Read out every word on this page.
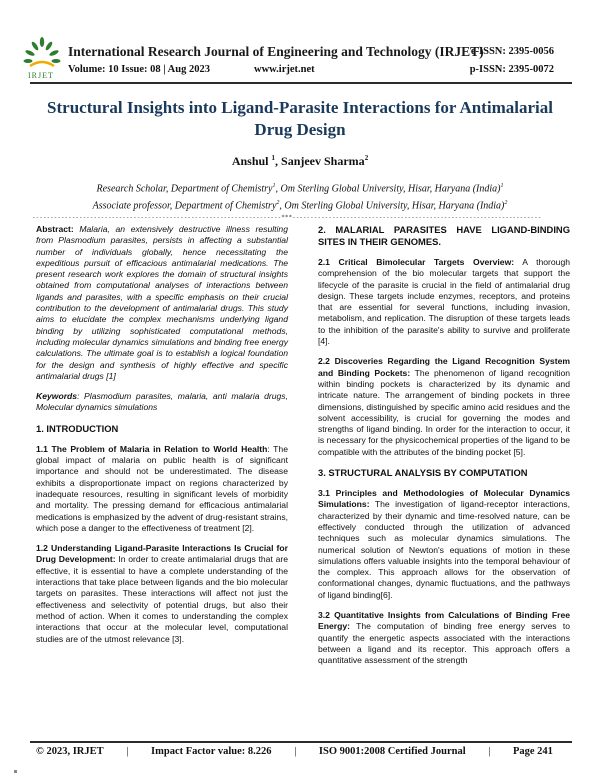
IRJET
International Research Journal of Engineering and Technology (IRJET)
Volume: 10 Issue: 08 | Aug 2023	www.irjet.net
e-ISSN: 2395-0056
p-ISSN: 2395-0072
Structural Insights into Ligand-Parasite Interactions for Antimalarial Drug Design
Anshul $^1$, Sanjeev Sharma$^2$
Research Scholar, Department of Chemistry$^1$, Om Sterling Global University, Hisar, Haryana (India)$^1$
Associate professor, Department of Chemistry$^2$, Om Sterling Global University, Hisar, Haryana (India)$^2$
---------------------------------------------------------------------***---------------------------------------------------------------------

Abstract: Malaria, an extensively destructive illness resulting from Plasmodium parasites, persists in affecting a substantial number of individuals globally, hence necessitating the expeditious pursuit of efficacious antimalarial medications. The present research work explores the domain of structural insights obtained from computational analyses of interactions between ligands and parasites, with a specific emphasis on their crucial contribution to the development of antimalarial drugs. This study aims to elucidate the complex mechanisms underlying ligand binding by utilizing sophisticated computational methods, including molecular dynamics simulations and binding free energy calculations. The ultimate goal is to establish a logical foundation for the design and synthesis of highly effective and specific antimalarial drugs [1]

Keywords: Plasmodium parasites, malaria, anti malaria drugs, Molecular dynamics simulations

1. INTRODUCTION

1.1 The Problem of Malaria in Relation to World Health: The global impact of malaria on public health is of significant importance and should not be underestimated. The disease exhibits a disproportionate impact on regions characterized by inadequate resources, resulting in significant levels of morbidity and mortality. The pressing demand for efficacious antimalarial medications is emphasized by the advent of drug-resistant strains, which pose a danger to the effectiveness of treatment [2].

1.2 Understanding Ligand-Parasite Interactions Is Crucial for Drug Development: In order to create antimalarial drugs that are effective, it is essential to have a complete understanding of the interactions that take place between ligands and the bio molecular targets on parasites. These interactions will affect not just the effectiveness and selectivity of potential drugs, but also their method of action. When it comes to understanding the complex interactions that occur at the molecular level, computational studies are of the utmost relevance [3].

2. MALARIAL PARASITES HAVE LIGAND-BINDING SITES IN THEIR GENOMES.

2.1 Critical Bimolecular Targets Overview: A thorough comprehension of the bio molecular targets that support the lifecycle of the parasite is crucial in the field of antimalarial drug design. These targets include enzymes, receptors, and proteins that are essential for several functions, including invasion, metabolism, and replication. The disruption of these targets leads to the inhibition of the parasite's ability to survive and proliferate [4].

2.2 Discoveries Regarding the Ligand Recognition System and Binding Pockets: The phenomenon of ligand recognition within binding pockets is characterized by its dynamic and intricate nature. The arrangement of binding pockets in three dimensions, distinguished by specific amino acid residues and the solvent accessibility, is crucial for governing the modes and strengths of ligand binding. In order for the interaction to occur, it is necessary for the physicochemical properties of the ligand to be compatible with the attributes of the binding pocket [5].

3. STRUCTURAL ANALYSIS BY COMPUTATION

3.1 Principles and Methodologies of Molecular Dynamics Simulations: The investigation of ligand-receptor interactions, characterized by their dynamic and time-resolved nature, can be effectively conducted through the utilization of advanced techniques such as molecular dynamics simulations. The numerical solution of Newton's equations of motion in these simulations offers valuable insights into the temporal behaviour of the complex. This approach allows for the observation of conformational changes, dynamic fluctuations, and the pathways of ligand binding[6].

3.2 Quantitative Insights from Calculations of Binding Free Energy: The computation of binding free energy serves to quantify the energetic aspects associated with the interactions between a ligand and its receptor. This approach offers a quantitative assessment of the strength

© 2023, IRJET | Impact Factor value: 8.226 | ISO 9001:2008 Certified Journal | Page 241
